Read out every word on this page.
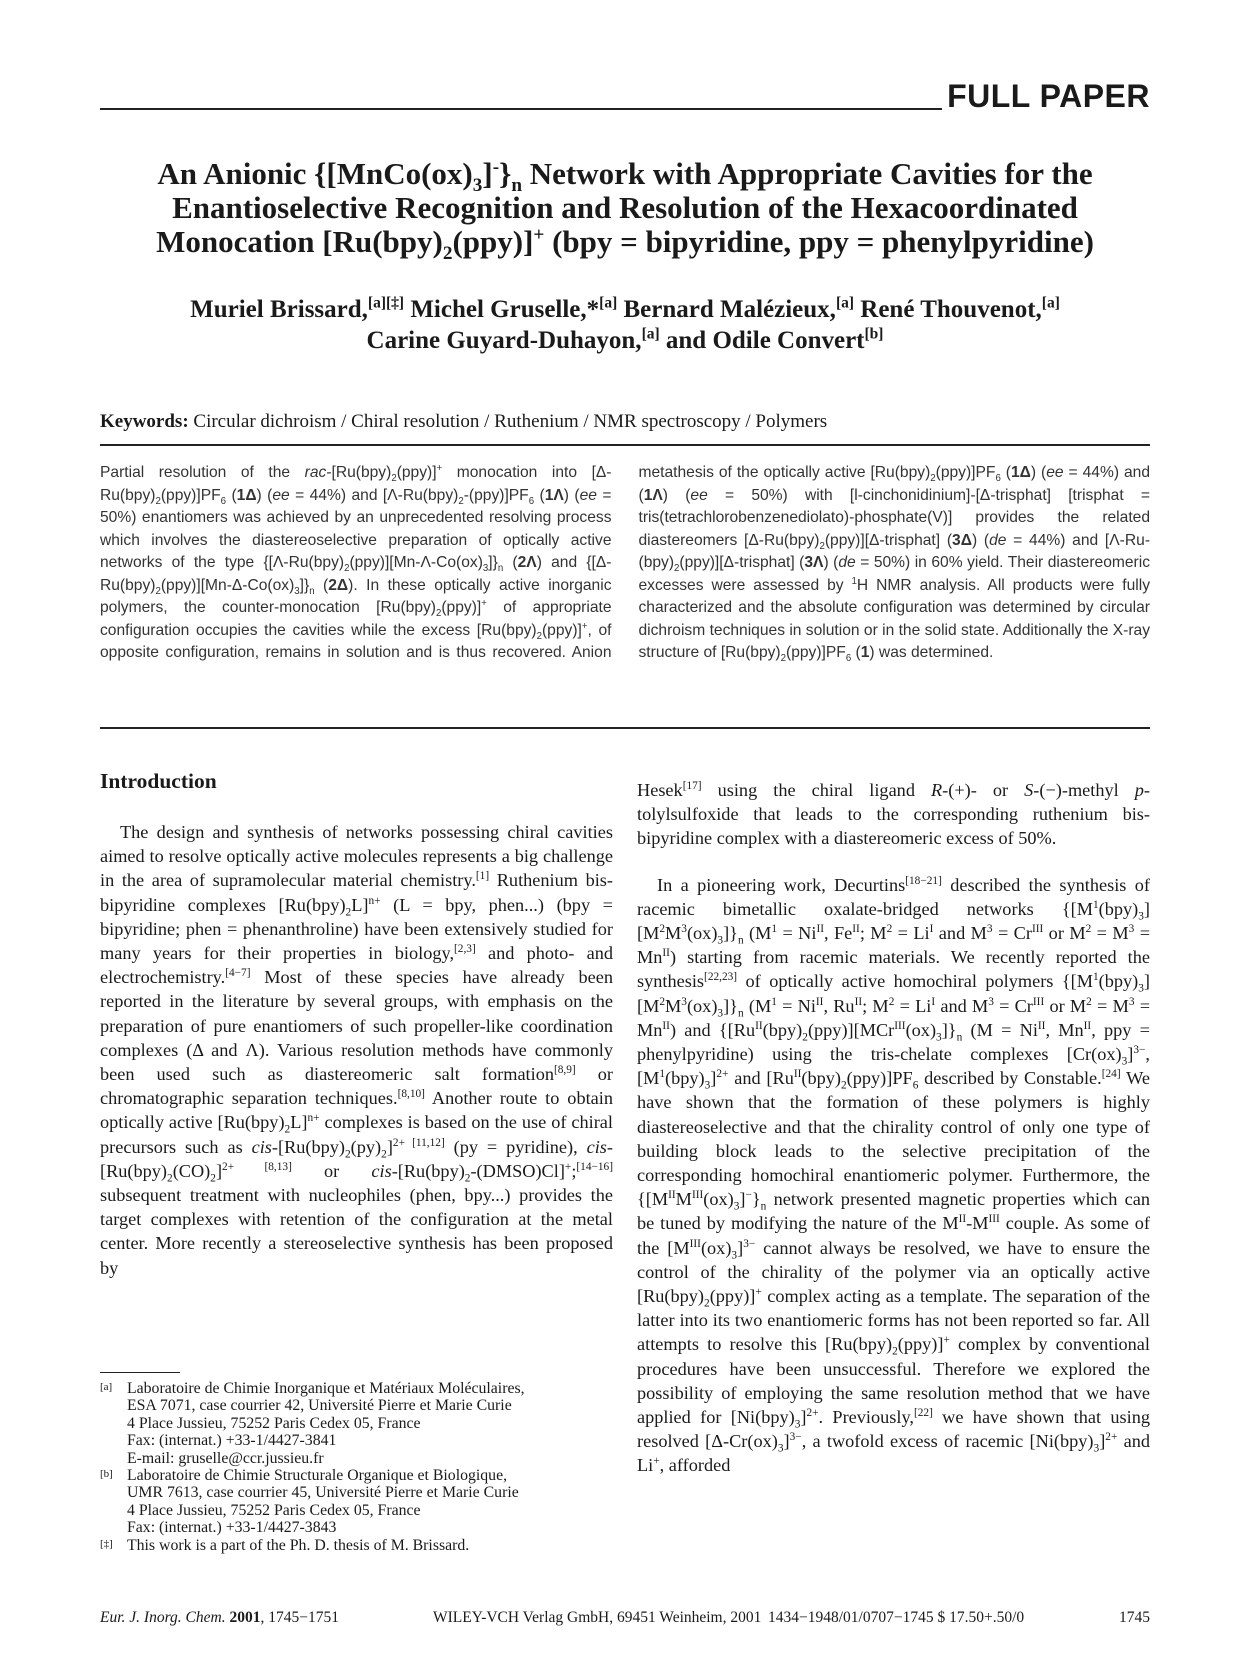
FULL PAPER
An Anionic $\{[MnCo(ox)_3]^-\}_n$ Network with Appropriate Cavities for the
Enantioselective Recognition and Resolution of the Hexacoordinated
Monocation $[Ru(bpy)_2(ppy)]^+$ (bpy = bipyridine, ppy = phenylpyridine)
Muriel Brissard,[a][‡] Michel Gruselle,*[a] Bernard Malézieux,[a] René Thouvenot,[a]
Carine Guyard-Duhayon,[a] and Odile Convert[b]
Keywords: Circular dichroism / Chiral resolution / Ruthenium / NMR spectroscopy / Polymers
Partial resolution of the rac-$[Ru(bpy)_2(ppy)]^+$ monocation into $[\Delta-Ru(bpy)_2(ppy)]PF_6$ (1Δ) (ee = 44%) and $[\Lambda-Ru(bpy)_2-(ppy)]PF_6$ (1Λ) (ee = 50%) enantiomers was achieved by an unprecedented resolving process which involves the diastereoselective preparation of optically active networks of the type $\{[\Lambda-Ru(bpy)_2(ppy)][Mn-\Lambda-Co(ox)_3]\}_n$ (2Λ) and $\{[\Delta-Ru(bpy)_2(ppy)][Mn-\Delta-Co(ox)_3]\}_n$ (2Δ). In these optically active inorganic polymers, the counter-monocation $[Ru(bpy)_2(ppy)]^+$ of appropriate configuration occupies the cavities while the excess $[Ru(bpy)_2(ppy)]^+$, of opposite configuration, remains in solution and is thus recovered. Anion metathesis of the optically active $[Ru(bpy)_2(ppy)]PF_6$ (1Δ) (ee = 44%) and (1Λ) (ee = 50%) with [l-cinchonidinium]-[Δ-trisphat] [trisphat = tris(tetrachlorobenzenediolato)-phosphate(V)] provides the related diastereomers $[\Delta-Ru(bpy)_2(ppy)][\Delta-trisphat]$ (3Δ) (de = 44%) and $[\Lambda-Ru-(bpy)_2(ppy)][\Delta-trisphat]$ (3Λ) (de = 50%) in 60% yield. Their diastereomeric excesses were assessed by $^1$H NMR analysis. All products were fully characterized and the absolute configuration was determined by circular dichroism techniques in solution or in the solid state. Additionally the X-ray structure of $[Ru(bpy)_2(ppy)]PF_6$ (1) was determined.
Introduction

The design and synthesis of networks possessing chiral cavities aimed to resolve optically active molecules represents a big challenge in the area of supramolecular material chemistry.[1] Ruthenium bis-bipyridine complexes $[Ru(bpy)_2L]^{n+}$ (L = bpy, phen...) (bpy = bipyridine; phen = phenanthroline) have been extensively studied for many years for their properties in biology,[2,3] and photo- and electrochemistry.[4−7] Most of these species have already been reported in the literature by several groups, with emphasis on the preparation of pure enantiomers of such propeller-like coordination complexes (Δ and Λ). Various resolution methods have commonly been used such as diastereomeric salt formation[8,9] or chromatographic separation techniques.[8,10] Another route to obtain optically active $[Ru(bpy)_2L]^{n+}$ complexes is based on the use of chiral precursors such as cis-$[Ru(bpy)_2(py)_2]^{2+ [11,12]}$ (py = pyridine), cis-$[Ru(bpy)_2(CO)_2]^{2+ [8,13]}$ or cis-$[Ru(bpy)_2-(DMSO)Cl]^+;[14-16]$ subsequent treatment with nucleophiles (phen, bpy...) provides the target complexes with retention of the configuration at the metal center. More recently a stereoselective synthesis has been proposed by

[a] Laboratoire de Chimie Inorganique et Matériaux Moléculaires,
ESA 7071, case courrier 42, Université Pierre et Marie Curie
4 Place Jussieu, 75252 Paris Cedex 05, France
Fax: (internat.) +33-1/4427-3841
E-mail: gruselle@ccr.jussieu.fr
[b] Laboratoire de Chimie Structurale Organique et Biologique,
UMR 7613, case courrier 45, Université Pierre et Marie Curie
4 Place Jussieu, 75252 Paris Cedex 05, France
Fax: (internat.) +33-1/4427-3843
[‡] This work is a part of the Ph. D. thesis of M. Brissard.

Hesek[17] using the chiral ligand R-(+)- or S-(−)-methyl p-tolylsulfoxide that leads to the corresponding ruthenium bis-bipyridine complex with a diastereomeric excess of 50%.

In a pioneering work, Decurtins[18−21] described the synthesis of racemic bimetallic oxalate-bridged networks $\{[M^1(bpy)_3][M^2M^3(ox)_3]\}_n$ ($M^1 = Ni^{II}$, $Fe^{II}$; $M^2 = Li^I$ and $M^3 = Cr^{III}$ or $M^2 = M^3 = Mn^{II}$) starting from racemic materials. We recently reported the synthesis[22,23] of optically active homochiral polymers $\{[M^1(bpy)_3][M^2M^3(ox)_3]\}_n$ ($M^1 = Ni^{II}$, $Ru^{II}$; $M^2 = Li^I$ and $M^3 = Cr^{III}$ or $M^2 = M^3 = Mn^{II}$) and $\{[Ru^{II}(bpy)_2(ppy)][MCr^{III}(ox)_3]\}_n$ ($M = Ni^{II}$, $Mn^{II}$, ppy = phenylpyridine) using the tris-chelate complexes $[Cr(ox)_3]^{3-}$, $[M^1(bpy)_3]^{2+}$ and $[Ru^{II}(bpy)_2(ppy)]PF_6$ described by Constable.[24] We have shown that the formation of these polymers is highly diastereoselective and that the chirality control of only one type of building block leads to the selective precipitation of the corresponding homochiral enantiomeric polymer. Furthermore, the $\{[M^{II}M^{III}(ox)_3]^-\}_n$ network presented magnetic properties which can be tuned by modifying the nature of the $M^{II}-M^{III}$ couple. As some of the $[M^{III}(ox)_3]^{3-}$ cannot always be resolved, we have to ensure the control of the chirality of the polymer via an optically active $[Ru(bpy)_2(ppy)]^+$ complex acting as a template. The separation of the latter into its two enantiomeric forms has not been reported so far. All attempts to resolve this $[Ru(bpy)_2(ppy)]^+$ complex by conventional procedures have been unsuccessful. Therefore we explored the possibility of employing the same resolution method that we have applied for $[Ni(bpy)_3]^{2+}$. Previously,[22] we have shown that using resolved $[\Delta-Cr(ox)_3]^{3-}$, a twofold excess of racemic $[Ni(bpy)_3]^{2+}$ and Li+, afforded

Eur. J. Inorg. Chem. 2001, 1745−1751	WILEY-VCH Verlag GmbH, 69451 Weinheim, 2001 1434−1948/01/0707−1745 $ 17.50+.50/0	1745
